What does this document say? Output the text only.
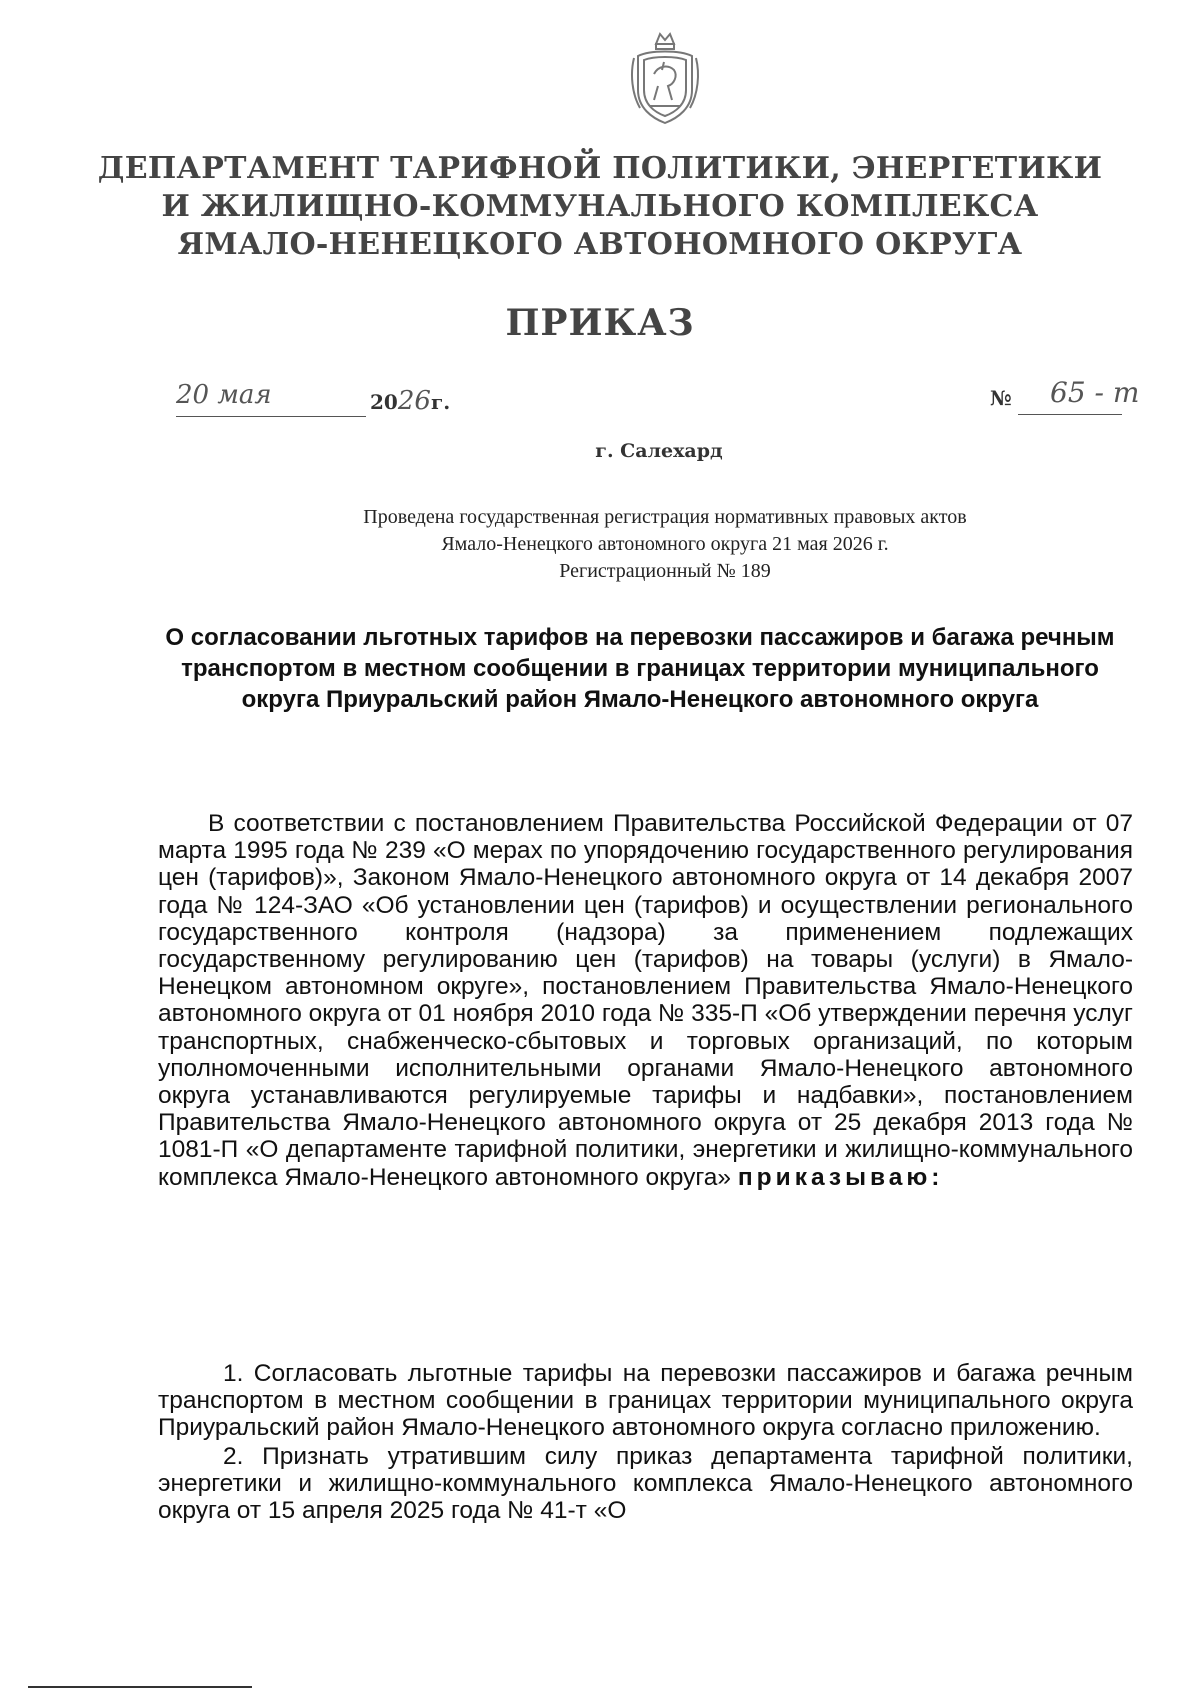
ДЕПАРТАМЕНТ ТАРИФНОЙ ПОЛИТИКИ, ЭНЕРГЕТИКИ
И ЖИЛИЩНО-КОММУНАЛЬНОГО КОМПЛЕКСА
ЯМАЛО-НЕНЕЦКОГО АВТОНОМНОГО ОКРУГА
ПРИКАЗ
20 мая	2026г.	№ 65 - т
г. Салехард
Проведена государственная регистрация нормативных правовых актов
Ямало-Ненецкого автономного округа 21 мая 2026 г.
Регистрационный № 189
О согласовании льготных тарифов на перевозки пассажиров и багажа речным транспортом в местном сообщении в границах территории муниципального округа Приуральский район Ямало-Ненецкого автономного округа
В соответствии с постановлением Правительства Российской Федерации от 07 марта 1995 года № 239 «О мерах по упорядочению государственного регулирования цен (тарифов)», Законом Ямало-Ненецкого автономного округа от 14 декабря 2007 года № 124-ЗАО «Об установлении цен (тарифов) и осуществлении регионального государственного контроля (надзора) за применением подлежащих государственному регулированию цен (тарифов) на товары (услуги) в Ямало-Ненецком автономном округе», постановлением Правительства Ямало-Ненецкого автономного округа от 01 ноября 2010 года № 335-П «Об утверждении перечня услуг транспортных, снабженческо-сбытовых и торговых организаций, по которым уполномоченными исполнительными органами Ямало-Ненецкого автономного округа устанавливаются регулируемые тарифы и надбавки», постановлением Правительства Ямало-Ненецкого автономного округа от 25 декабря 2013 года № 1081-П «О департаменте тарифной политики, энергетики и жилищно-коммунального комплекса Ямало-Ненецкого автономного округа» приказываю:
1. Согласовать льготные тарифы на перевозки пассажиров и багажа речным транспортом в местном сообщении в границах территории муниципального округа Приуральский район Ямало-Ненецкого автономного округа согласно приложению.
2. Признать утратившим силу приказ департамента тарифной политики, энергетики и жилищно-коммунального комплекса Ямало-Ненецкого автономного округа от 15 апреля 2025 года № 41-т «О
